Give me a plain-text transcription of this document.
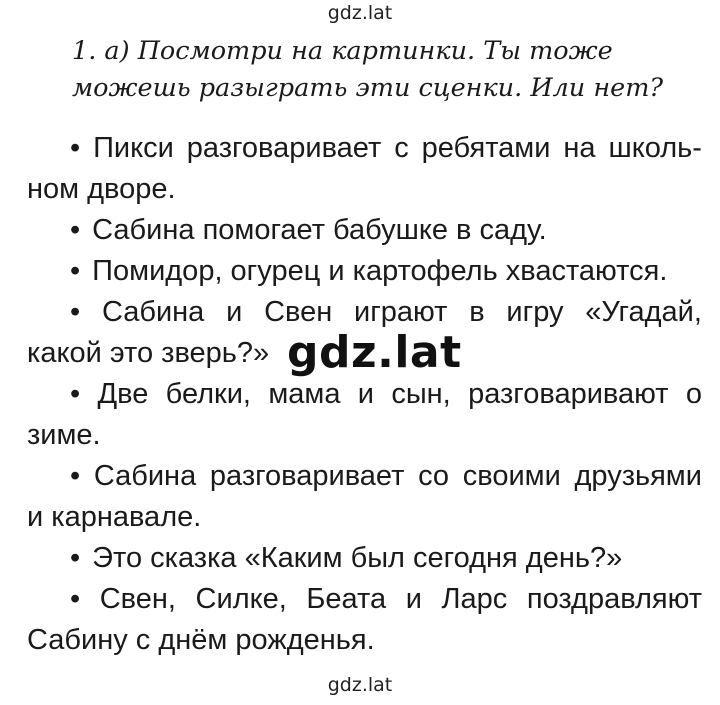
gdz.lat

1. а) Посмотри на картинки. Ты тоже
можешь разыграть эти сценки. Или нет?

• Пикси разговаривает с ребятами на школь-
ном дворе.
• Сабина помогает бабушке в саду.
• Помидор, огурец и картофель хвастаются.
• Сабина и Свен играют в игру «Угадай,
какой это зверь?»
• Две белки, мама и сын, разговаривают о
зиме.
• Сабина разговаривает со своими друзьями
и карнавале.
• Это сказка «Каким был сегодня день?»
• Свен, Силке, Беата и Ларс поздравляют
Сабину с днём рожденья.
gdz.lat
gdz.lat
